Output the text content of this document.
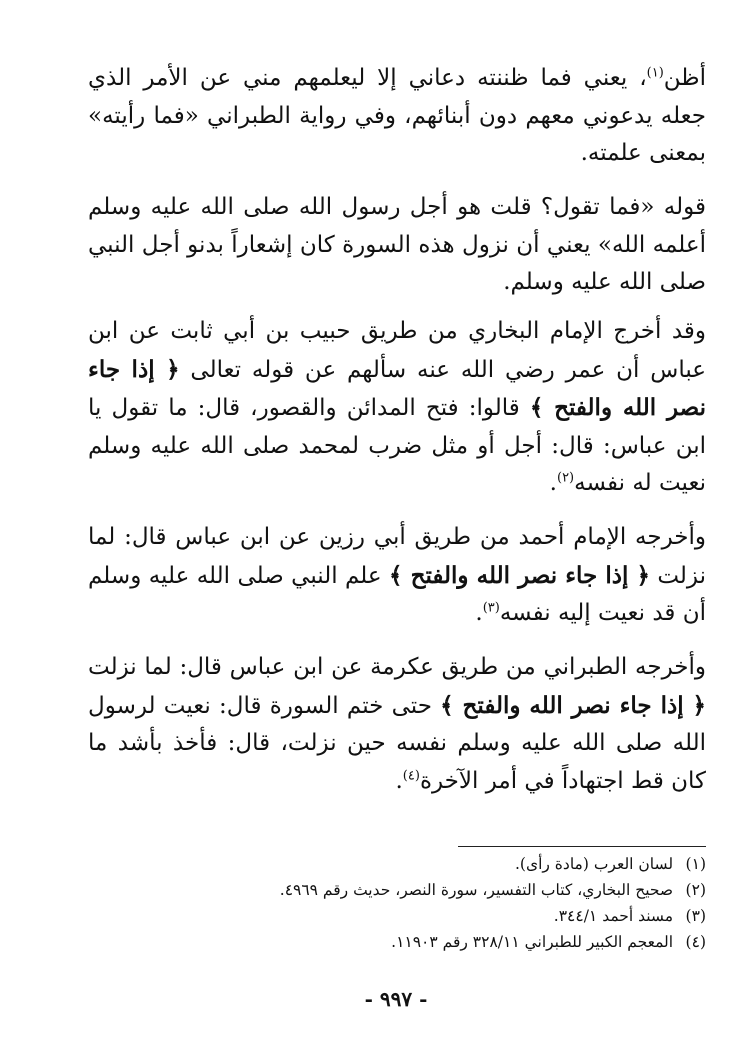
أظن$^{(١)}$، يعني فما ظننته دعاني إلا ليعلمهم مني عن الأمر الذي جعله يدعوني معهم دون أبنائهم، وفي رواية الطبراني «فما رأيته» بمعنى علمته.

قوله «فما تقول؟ قلت هو أجل رسول الله صلى الله عليه وسلم أعلمه الله» يعني أن نزول هذه السورة كان إشعاراً بدنو أجل النبي صلى الله عليه وسلم.

وقد أخرج الإمام البخاري من طريق حبيب بن أبي ثابت عن ابن عباس أن عمر رضي الله عنه سألهم عن قوله تعالى ﴿ إذا جاء نصر الله والفتح ﴾ قالوا: فتح المدائن والقصور، قال: ما تقول يا ابن عباس: قال: أجل أو مثل ضرب لمحمد صلى الله عليه وسلم نعيت له نفسه$^{(٢)}$.

وأخرجه الإمام أحمد من طريق أبي رزين عن ابن عباس قال: لما نزلت ﴿ إذا جاء نصر الله والفتح ﴾ علم النبي صلى الله عليه وسلم أن قد نعيت إليه نفسه$^{(٣)}$.

وأخرجه الطبراني من طريق عكرمة عن ابن عباس قال: لما نزلت ﴿ إذا جاء نصر الله والفتح ﴾ حتى ختم السورة قال: نعيت لرسول الله صلى الله عليه وسلم نفسه حين نزلت، قال: فأخذ بأشد ما كان قط اجتهاداً في أمر الآخرة$^{(٤)}$.

(١) لسان العرب (مادة رأى).
(٢) صحيح البخاري، كتاب التفسير، سورة النصر، حديث رقم ٤٩٦٩.
(٣) مسند أحمد ٣٤٤/١.
(٤) المعجم الكبير للطبراني ٣٢٨/١١ رقم ١١٩٠٣.
- ٩٩٧ -
